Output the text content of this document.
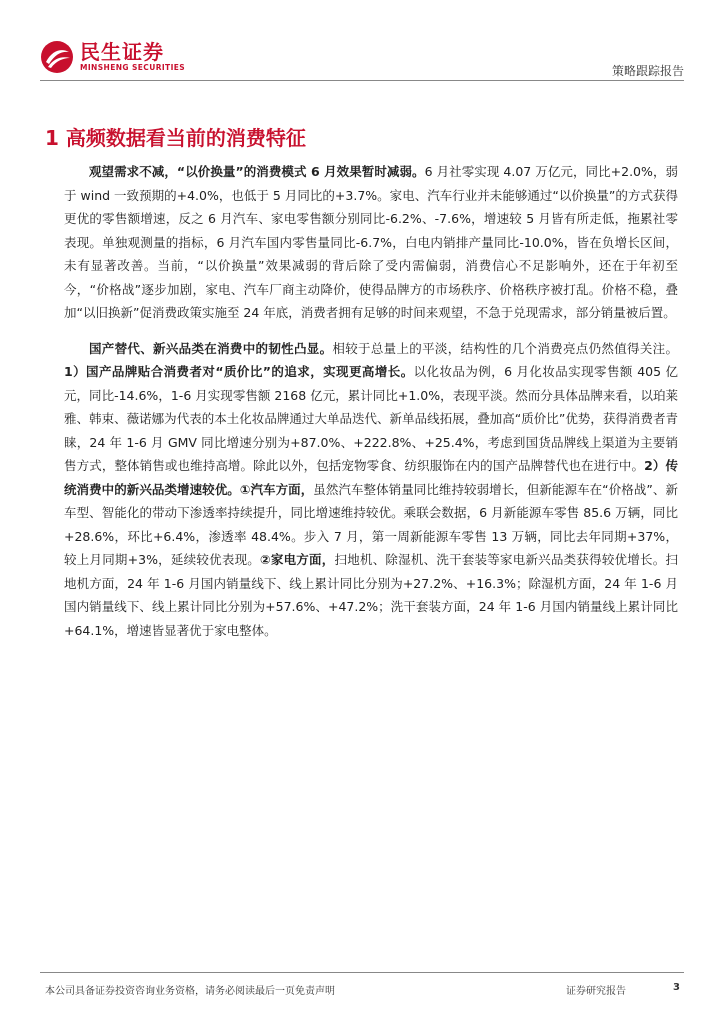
民生证券
MINSHENG SECURITIES	策略跟踪报告
1 高频数据看当前的消费特征

观望需求不减，“以价换量”的消费模式 6 月效果暂时减弱。6 月社零实现 4.07 万亿元，同比+2.0%，弱于 wind 一致预期的+4.0%，也低于 5 月同比的+3.7%。家电、汽车行业并未能够通过“以价换量”的方式获得更优的零售额增速，反之 6 月汽车、家电零售额分别同比-6.2%、-7.6%，增速较 5 月皆有所走低，拖累社零表现。单独观测量的指标，6 月汽车国内零售量同比-6.7%，白电内销排产量同比-10.0%，皆在负增长区间，未有显著改善。当前，“以价换量”效果减弱的背后除了受内需偏弱，消费信心不足影响外，还在于年初至今，“价格战”逐步加剧，家电、汽车厂商主动降价，使得品牌方的市场秩序、价格秩序被打乱。价格不稳，叠加“以旧换新”促消费政策实施至 24 年底，消费者拥有足够的时间来观望，不急于兑现需求，部分销量被后置。

国产替代、新兴品类在消费中的韧性凸显。相较于总量上的平淡，结构性的几个消费亮点仍然值得关注。1）国产品牌贴合消费者对“质价比”的追求，实现更高增长。以化妆品为例，6 月化妆品实现零售额 405 亿元，同比-14.6%，1-6 月实现零售额 2168 亿元，累计同比+1.0%，表现平淡。然而分具体品牌来看，以珀莱雅、韩束、薇诺娜为代表的本土化妆品牌通过大单品迭代、新单品线拓展，叠加高“质价比”优势，获得消费者青睐，24 年 1-6 月 GMV 同比增速分别为+87.0%、+222.8%、+25.4%，考虑到国货品牌线上渠道为主要销售方式，整体销售或也维持高增。除此以外，包括宠物零食、纺织服饰在内的国产品牌替代也在进行中。2）传统消费中的新兴品类增速较优。①汽车方面，虽然汽车整体销量同比维持较弱增长，但新能源车在“价格战”、新车型、智能化的带动下渗透率持续提升，同比增速维持较优。乘联会数据，6 月新能源车零售 85.6 万辆，同比+28.6%，环比+6.4%，渗透率 48.4%。步入 7 月，第一周新能源车零售 13 万辆，同比去年同期+37%，较上月同期+3%，延续较优表现。②家电方面，扫地机、除湿机、洗干套装等家电新兴品类获得较优增长。扫地机方面，24 年 1-6 月国内销量线下、线上累计同比分别为+27.2%、+16.3%；除湿机方面，24 年 1-6 月国内销量线下、线上累计同比分别为+57.6%、+47.2%；洗干套装方面，24 年 1-6 月国内销量线上累计同比+64.1%，增速皆显著优于家电整体。

本公司具备证券投资咨询业务资格，请务必阅读最后一页免责声明	证券研究报告	3
